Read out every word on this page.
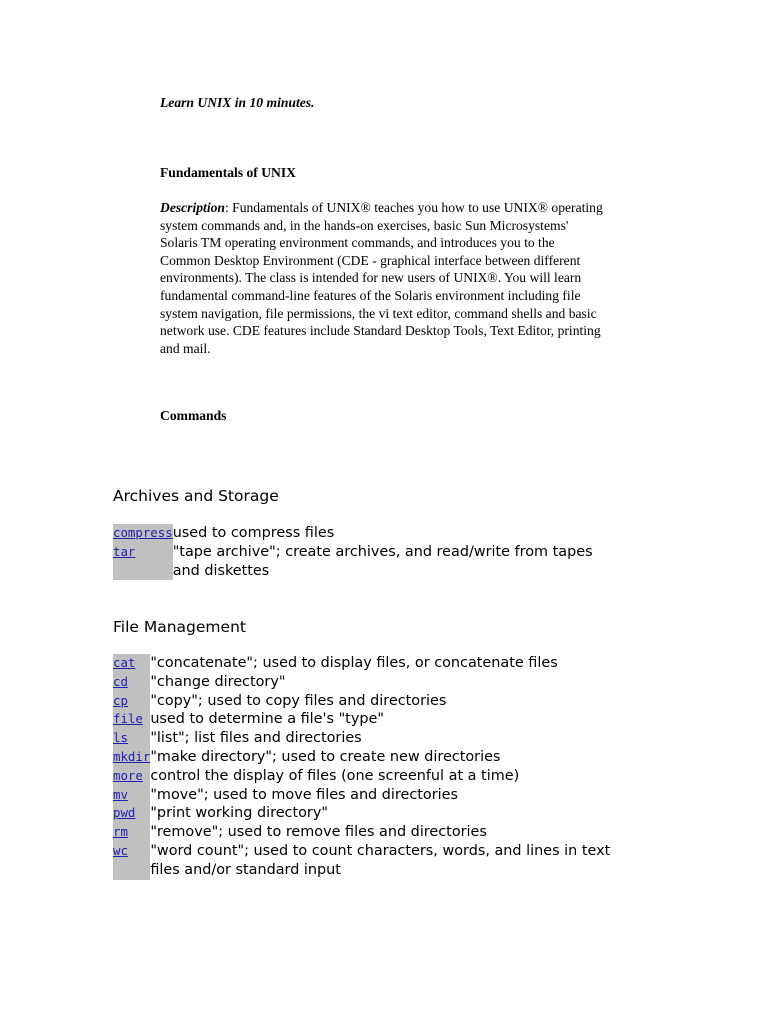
Learn UNIX in 10 minutes.

Fundamentals of UNIX

Description: Fundamentals of UNIX® teaches you how to use UNIX® operating
system commands and, in the hands-on exercises, basic Sun Microsystems'
Solaris TM operating environment commands, and introduces you to the
Common Desktop Environment (CDE - graphical interface between different
environments). The class is intended for new users of UNIX®. You will learn
fundamental command-line features of the Solaris environment including file
system navigation, file permissions, the vi text editor, command shells and basic
network use. CDE features include Standard Desktop Tools, Text Editor, printing
and mail.

Commands

Archives and Storage
compress	used to compress files
tar	"tape archive"; create archives, and read/write from tapes
and diskettes
File Management
cat	"concatenate"; used to display files, or concatenate files
cd	"change directory"
cp	"copy"; used to copy files and directories
file	used to determine a file's "type"
ls	"list"; list files and directories
mkdir	"make directory"; used to create new directories
more	control the display of files (one screenful at a time)
mv	"move"; used to move files and directories
pwd	"print working directory"
rm	"remove"; used to remove files and directories
wc	"word count"; used to count characters, words, and lines in text
files and/or standard input
